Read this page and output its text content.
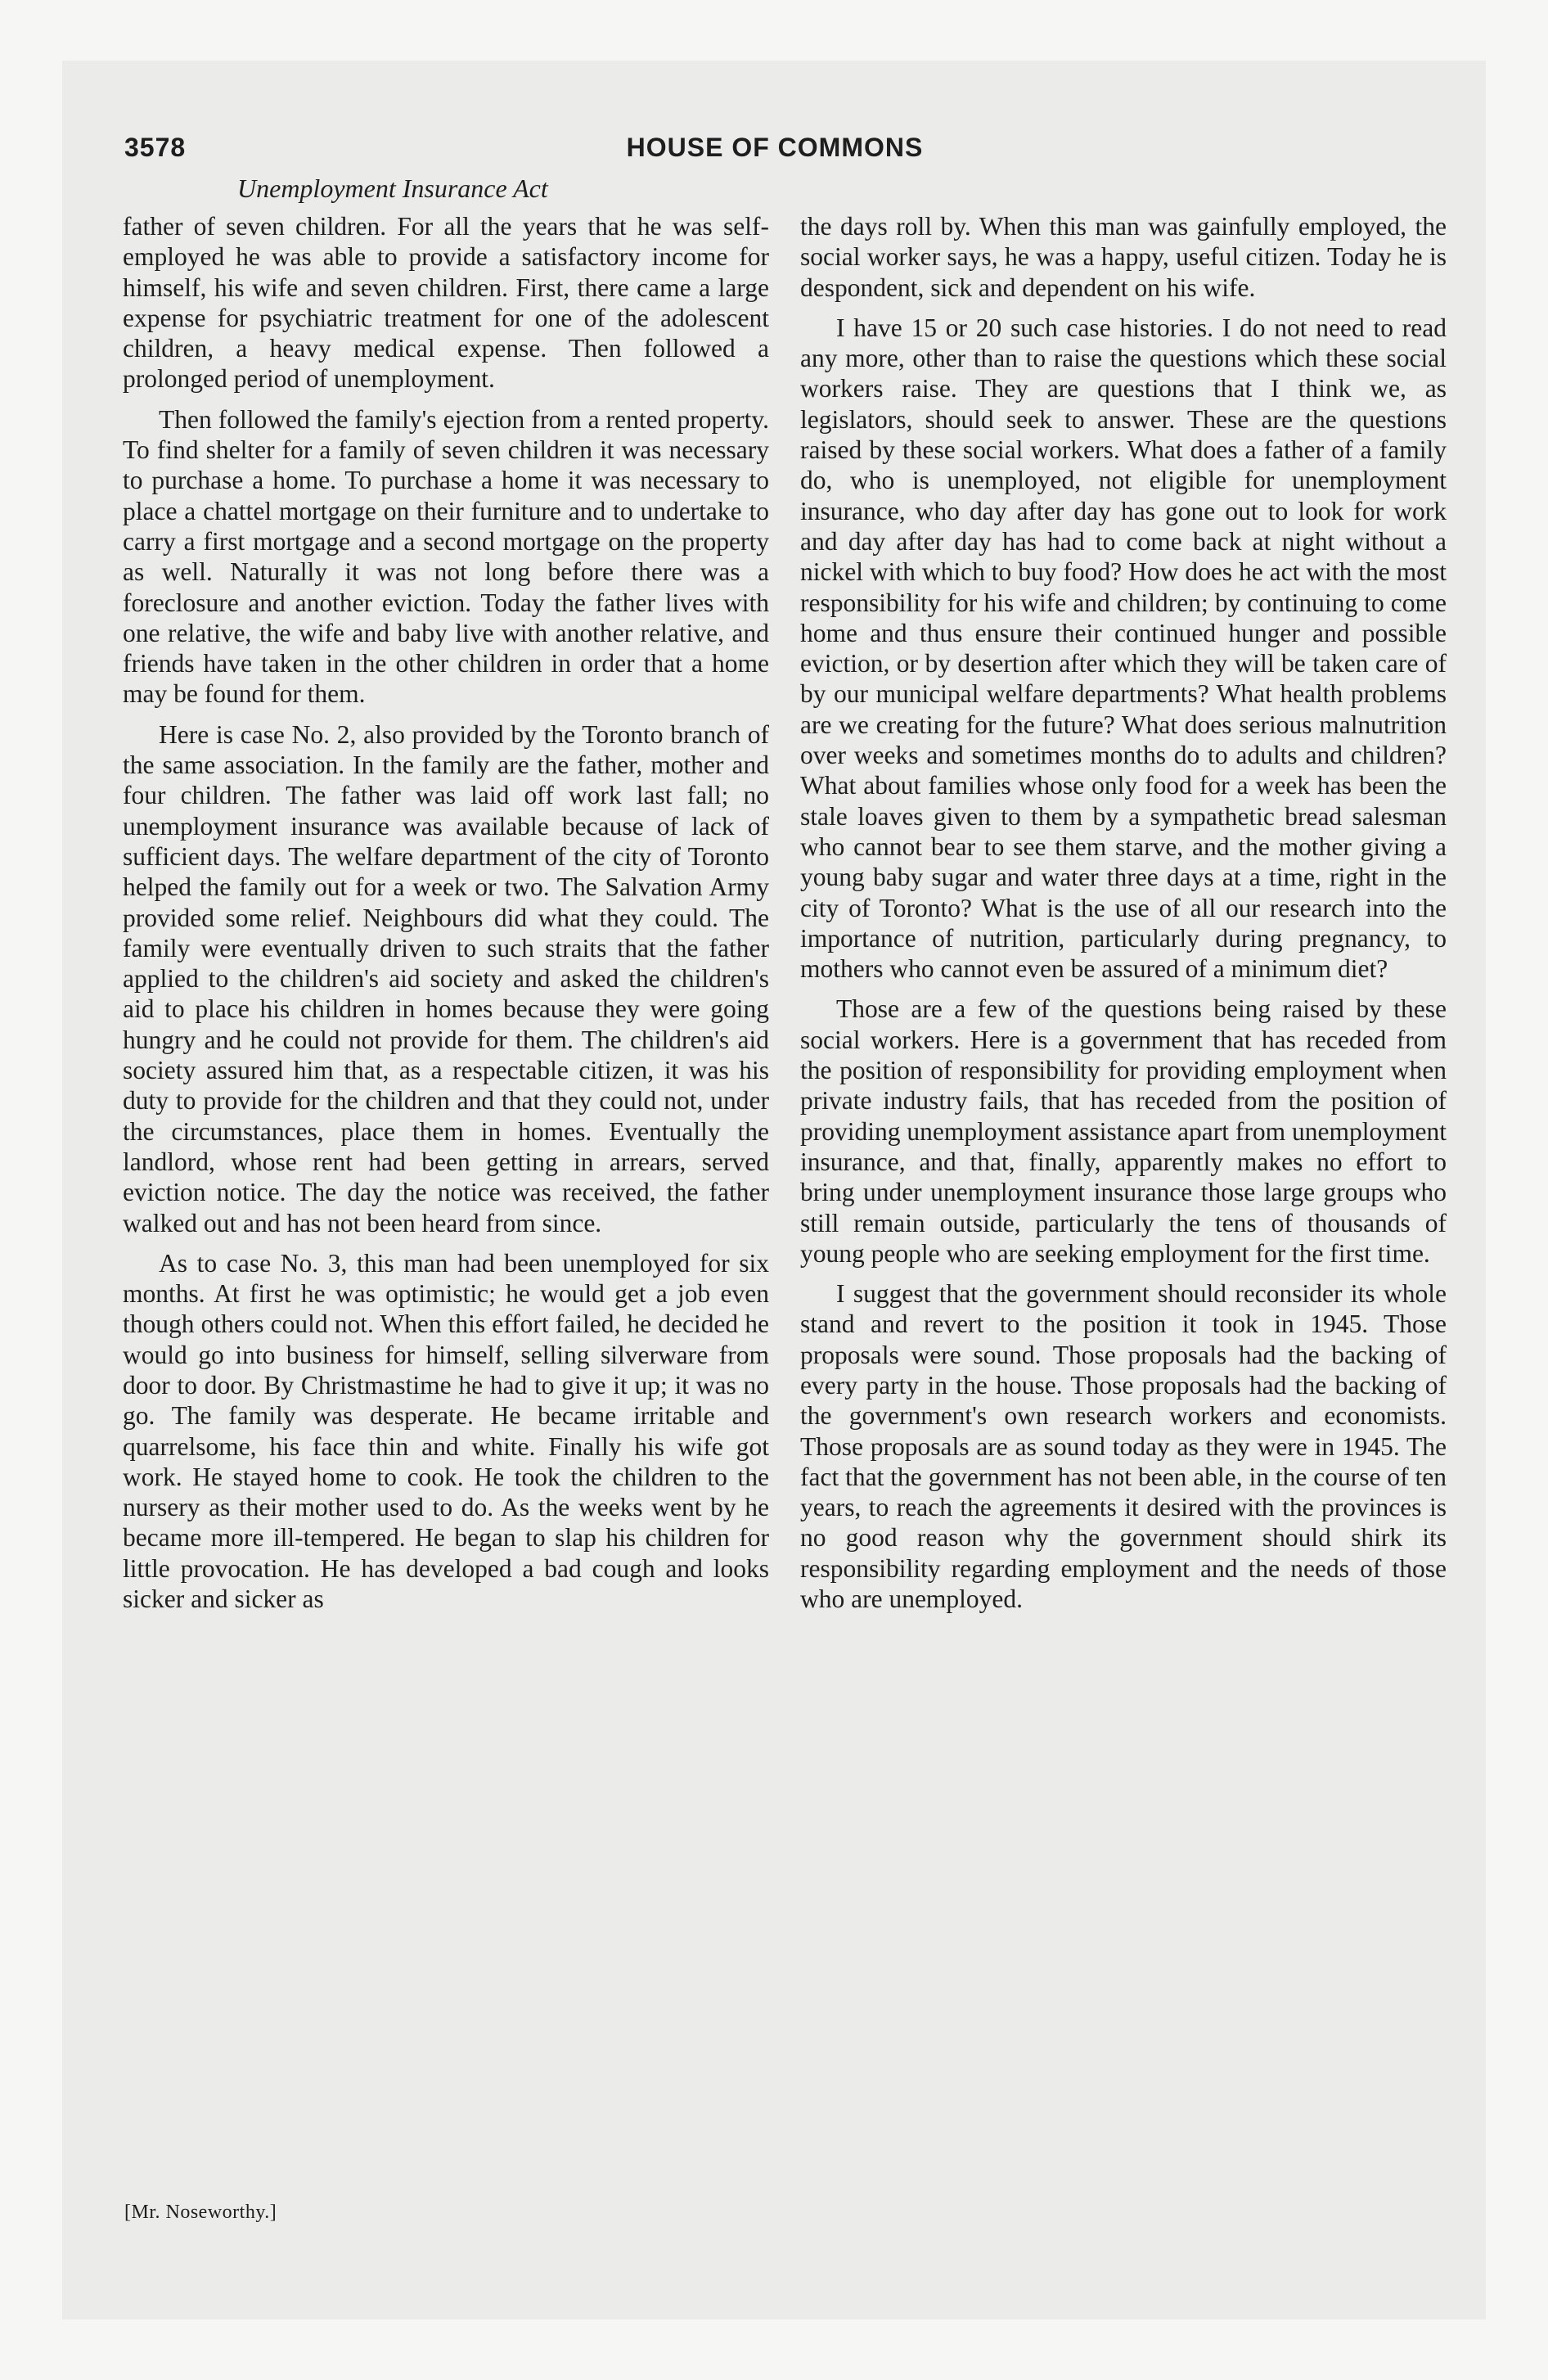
3578	HOUSE OF COMMONS
Unemployment Insurance Act

father of seven children. For all the years that he was self-employed he was able to provide a satisfactory income for himself, his wife and seven children. First, there came a large expense for psychiatric treatment for one of the adolescent children, a heavy medical expense. Then followed a prolonged period of unemployment.

Then followed the family's ejection from a rented property. To find shelter for a family of seven children it was necessary to purchase a home. To purchase a home it was necessary to place a chattel mortgage on their furniture and to undertake to carry a first mortgage and a second mortgage on the property as well. Naturally it was not long before there was a foreclosure and another eviction. Today the father lives with one relative, the wife and baby live with another relative, and friends have taken in the other children in order that a home may be found for them.

Here is case No. 2, also provided by the Toronto branch of the same association. In the family are the father, mother and four children. The father was laid off work last fall; no unemployment insurance was available because of lack of sufficient days. The welfare department of the city of Toronto helped the family out for a week or two. The Salvation Army provided some relief. Neighbours did what they could. The family were eventually driven to such straits that the father applied to the children's aid society and asked the children's aid to place his children in homes because they were going hungry and he could not provide for them. The children's aid society assured him that, as a respectable citizen, it was his duty to provide for the children and that they could not, under the circumstances, place them in homes. Eventually the landlord, whose rent had been getting in arrears, served eviction notice. The day the notice was received, the father walked out and has not been heard from since.

As to case No. 3, this man had been unemployed for six months. At first he was optimistic; he would get a job even though others could not. When this effort failed, he decided he would go into business for himself, selling silverware from door to door. By Christmastime he had to give it up; it was no go. The family was desperate. He became irritable and quarrelsome, his face thin and white. Finally his wife got work. He stayed home to cook. He took the children to the nursery as their mother used to do. As the weeks went by he became more ill-tempered. He began to slap his children for little provocation. He has developed a bad cough and looks sicker and sicker as

the days roll by. When this man was gainfully employed, the social worker says, he was a happy, useful citizen. Today he is despondent, sick and dependent on his wife.

I have 15 or 20 such case histories. I do not need to read any more, other than to raise the questions which these social workers raise. They are questions that I think we, as legislators, should seek to answer. These are the questions raised by these social workers. What does a father of a family do, who is unemployed, not eligible for unemployment insurance, who day after day has gone out to look for work and day after day has had to come back at night without a nickel with which to buy food? How does he act with the most responsibility for his wife and children; by continuing to come home and thus ensure their continued hunger and possible eviction, or by desertion after which they will be taken care of by our municipal welfare departments? What health problems are we creating for the future? What does serious malnutrition over weeks and sometimes months do to adults and children? What about families whose only food for a week has been the stale loaves given to them by a sympathetic bread salesman who cannot bear to see them starve, and the mother giving a young baby sugar and water three days at a time, right in the city of Toronto? What is the use of all our research into the importance of nutrition, particularly during pregnancy, to mothers who cannot even be assured of a minimum diet?

Those are a few of the questions being raised by these social workers. Here is a government that has receded from the position of responsibility for providing employment when private industry fails, that has receded from the position of providing unemployment assistance apart from unemployment insurance, and that, finally, apparently makes no effort to bring under unemployment insurance those large groups who still remain outside, particularly the tens of thousands of young people who are seeking employment for the first time.

I suggest that the government should reconsider its whole stand and revert to the position it took in 1945. Those proposals were sound. Those proposals had the backing of every party in the house. Those proposals had the backing of the government's own research workers and economists. Those proposals are as sound today as they were in 1945. The fact that the government has not been able, in the course of ten years, to reach the agreements it desired with the provinces is no good reason why the government should shirk its responsibility regarding employment and the needs of those who are unemployed.

[Mr. Noseworthy.]
